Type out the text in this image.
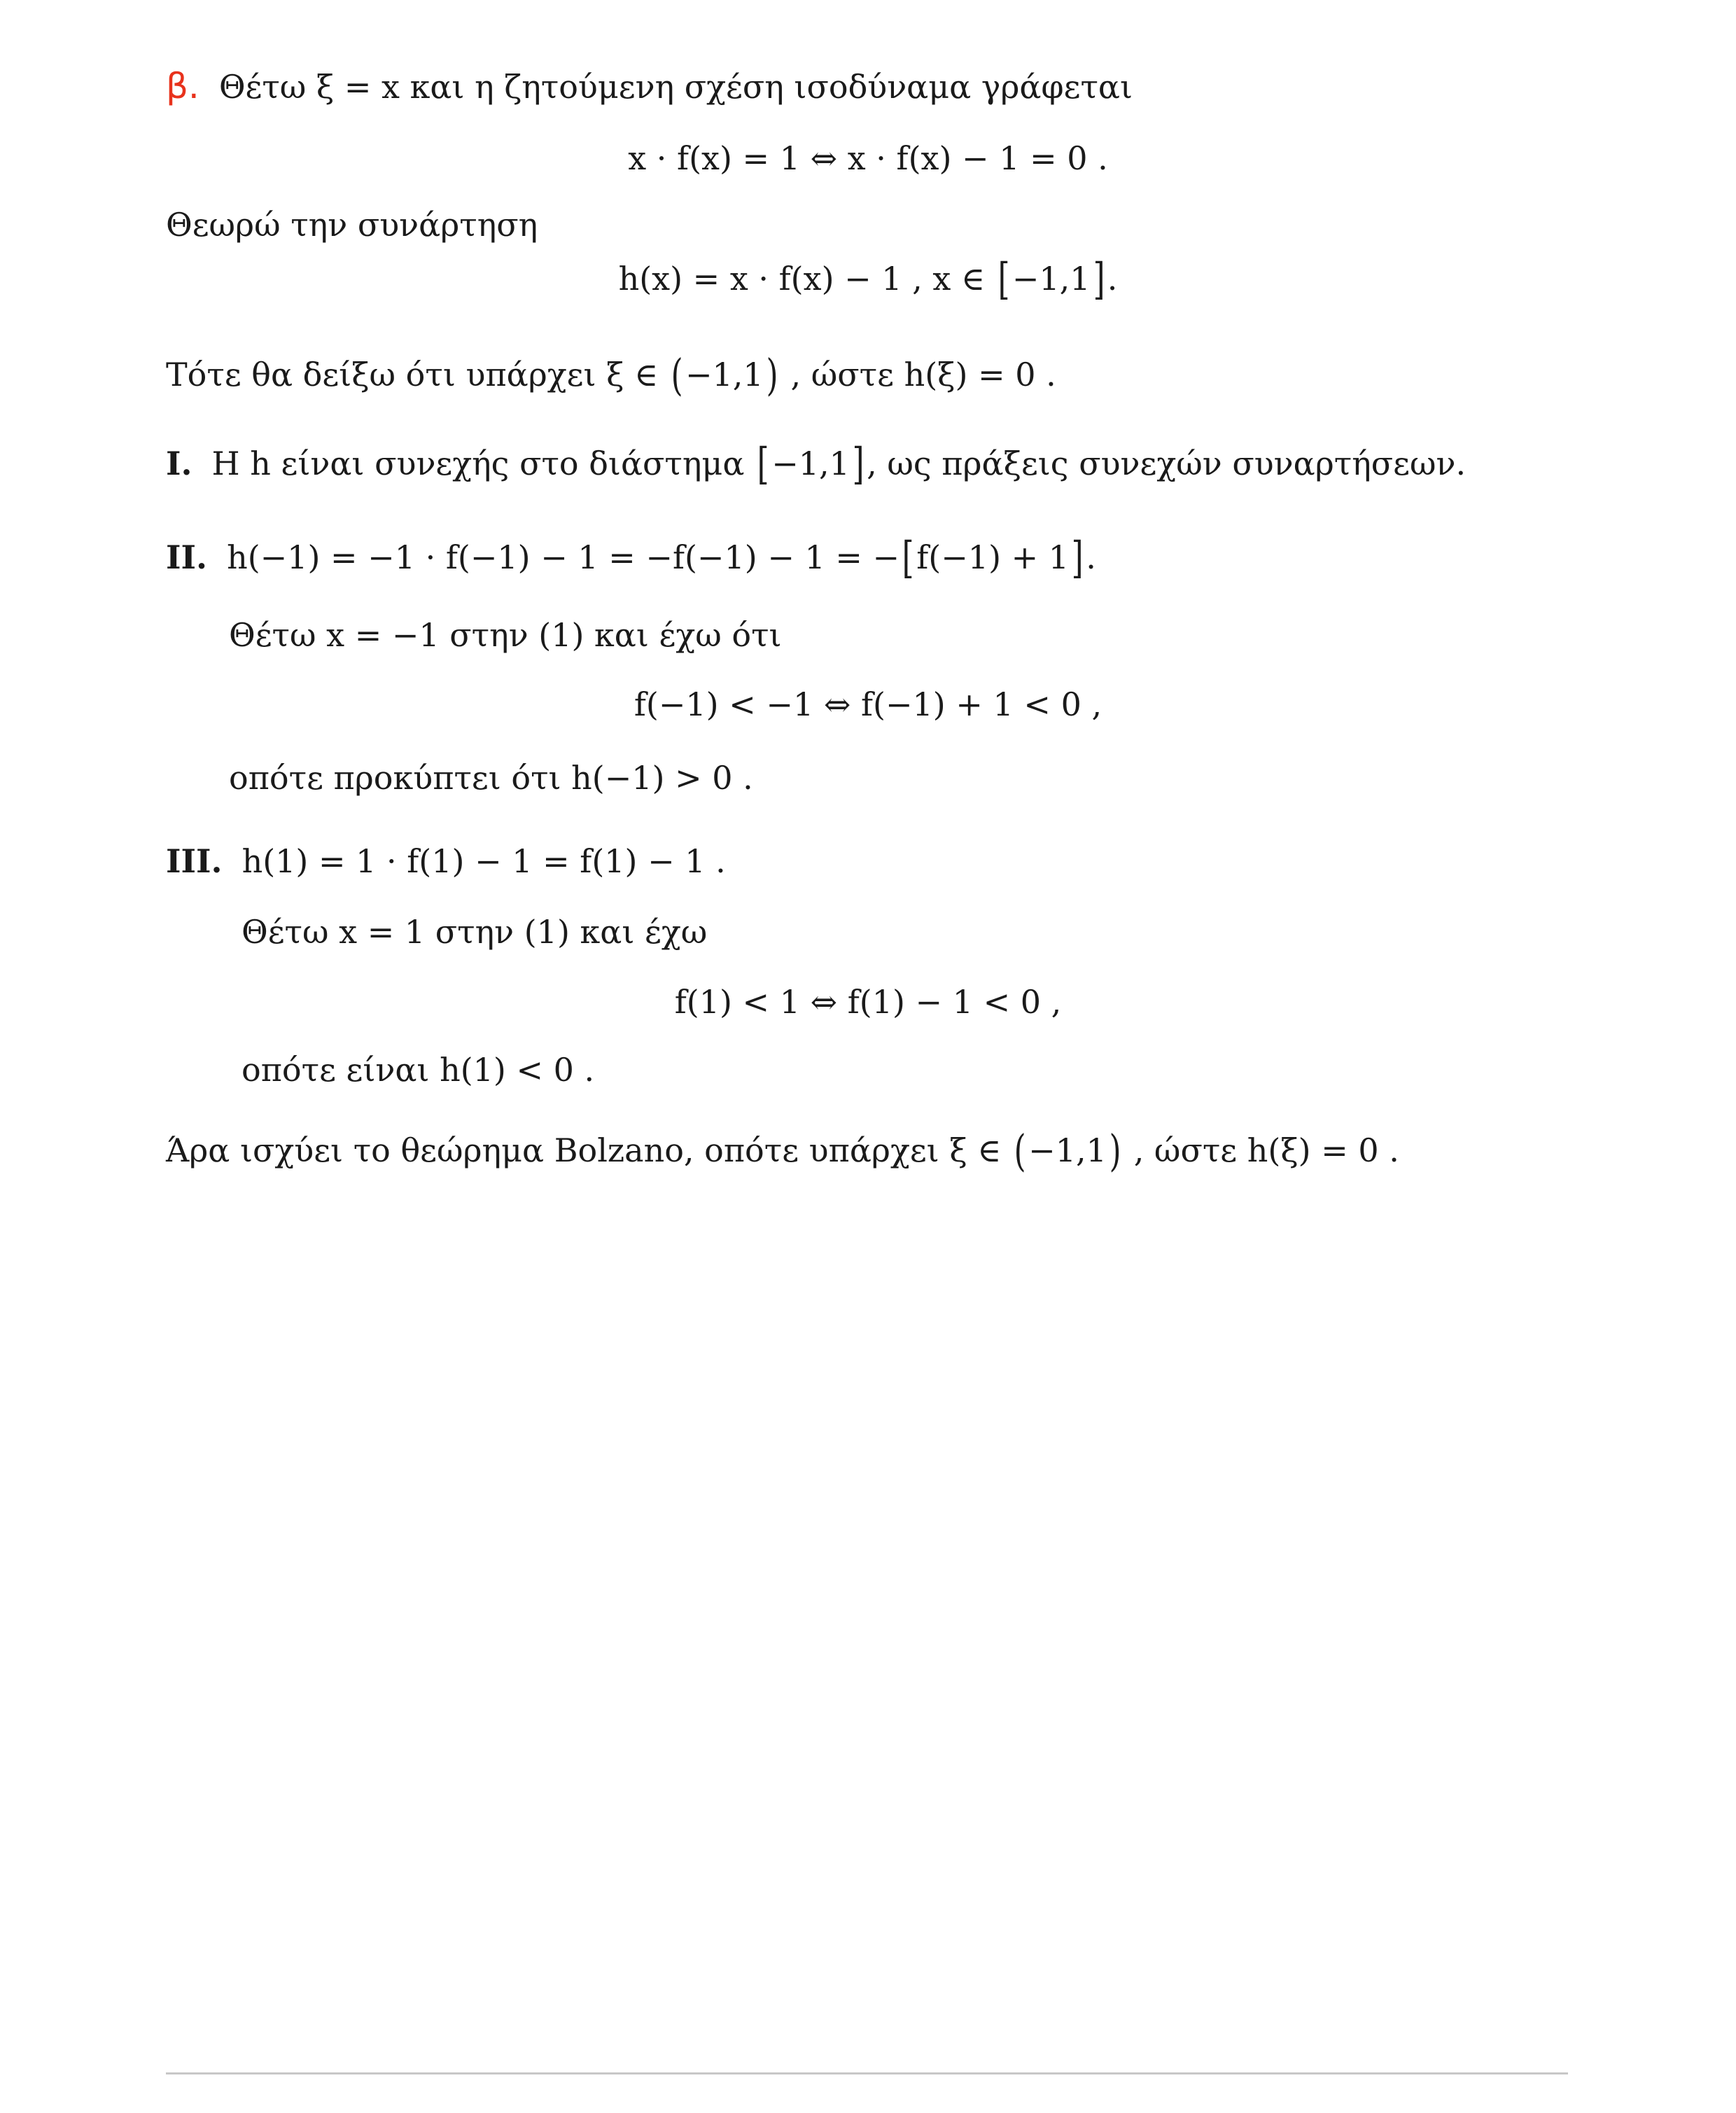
β. Θέτω ξ = x και η ζητούμενη σχέση ισοδύναμα γράφεται
x · f(x) = 1 ⇔ x · f(x) − 1 = 0 .
Θεωρώ την συνάρτηση
h(x) = x · f(x) − 1 , x ∈ [−1,1].
Τότε θα δείξω ότι υπάρχει ξ ∈ (−1,1) , ώστε h(ξ) = 0 .
I. H h είναι συνεχής στο διάστημα [−1,1], ως πράξεις συνεχών συναρτήσεων.
II. h(−1) = −1 · f(−1) − 1 = −f(−1) − 1 = −[f(−1) + 1].
Θέτω x = −1 στην (1) και έχω ότι
f(−1) < −1 ⇔ f(−1) + 1 < 0 ,
οπότε προκύπτει ότι h(−1) > 0 .
III. h(1) = 1 · f(1) − 1 = f(1) − 1 .
Θέτω x = 1 στην (1) και έχω
f(1) < 1 ⇔ f(1) − 1 < 0 ,
οπότε είναι h(1) < 0 .
Άρα ισχύει το θεώρημα Bolzano, οπότε υπάρχει ξ ∈ (−1,1) , ώστε h(ξ) = 0 .
